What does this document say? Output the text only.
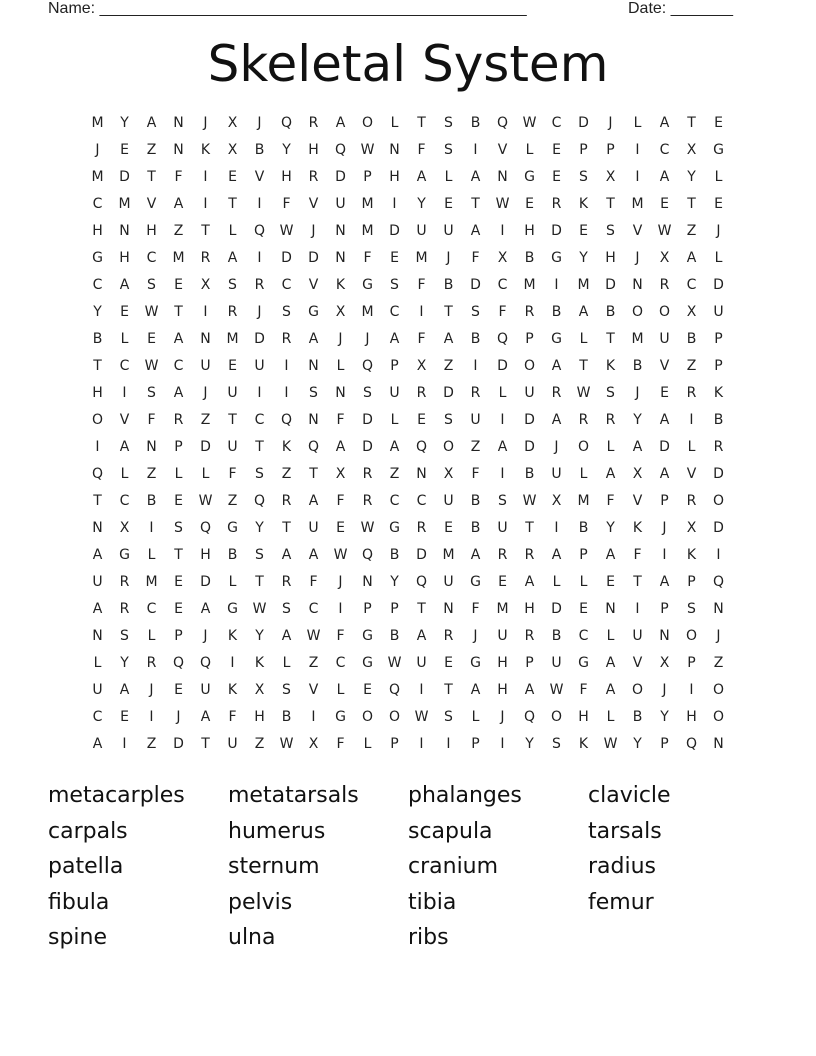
Name: ________________________________________________	Date: _______
Skeletal System
M	Y	A	N	J	X	J	Q	R	A	O	L	T	S	B	Q	W	C	D	J	L	A	T	E
J	E	Z	N	K	X	B	Y	H	Q	W	N	F	S	I	V	L	E	P	P	I	C	X	G
M	D	T	F	I	E	V	H	R	D	P	H	A	L	A	N	G	E	S	X	I	A	Y	L
C	M	V	A	I	T	I	F	V	U	M	I	Y	E	T	W	E	R	K	T	M	E	T	E
H	N	H	Z	T	L	Q	W	J	N	M	D	U	U	A	I	H	D	E	S	V	W	Z	J
G	H	C	M	R	A	I	D	D	N	F	E	M	J	F	X	B	G	Y	H	J	X	A	L
C	A	S	E	X	S	R	C	V	K	G	S	F	B	D	C	M	I	M	D	N	R	C	D
Y	E	W	T	I	R	J	S	G	X	M	C	I	T	S	F	R	B	A	B	O	O	X	U
B	L	E	A	N	M	D	R	A	J	J	A	F	A	B	Q	P	G	L	T	M	U	B	P
T	C	W	C	U	E	U	I	N	L	Q	P	X	Z	I	D	O	A	T	K	B	V	Z	P
H	I	S	A	J	U	I	I	S	N	S	U	R	D	R	L	U	R	W	S	J	E	R	K
O	V	F	R	Z	T	C	Q	N	F	D	L	E	S	U	I	D	A	R	R	Y	A	I	B
I	A	N	P	D	U	T	K	Q	A	D	A	Q	O	Z	A	D	J	O	L	A	D	L	R
Q	L	Z	L	L	F	S	Z	T	X	R	Z	N	X	F	I	B	U	L	A	X	A	V	D
T	C	B	E	W	Z	Q	R	A	F	R	C	C	U	B	S	W	X	M	F	V	P	R	O
N	X	I	S	Q	G	Y	T	U	E	W	G	R	E	B	U	T	I	B	Y	K	J	X	D
A	G	L	T	H	B	S	A	A	W	Q	B	D	M	A	R	R	A	P	A	F	I	K	I
U	R	M	E	D	L	T	R	F	J	N	Y	Q	U	G	E	A	L	L	E	T	A	P	Q
A	R	C	E	A	G	W	S	C	I	P	P	T	N	F	M	H	D	E	N	I	P	S	N
N	S	L	P	J	K	Y	A	W	F	G	B	A	R	J	U	R	B	C	L	U	N	O	J
L	Y	R	Q	Q	I	K	L	Z	C	G	W	U	E	G	H	P	U	G	A	V	X	P	Z
U	A	J	E	U	K	X	S	V	L	E	Q	I	T	A	H	A	W	F	A	O	J	I	O
C	E	I	J	A	F	H	B	I	G	O	O	W	S	L	J	Q	O	H	L	B	Y	H	O
A	I	Z	D	T	U	Z	W	X	F	L	P	I	I	P	I	Y	S	K	W	Y	P	Q	N
metacarples	metatarsals	phalanges	clavicle
carpals	humerus	scapula	tarsals
patella	sternum	cranium	radius
fibula	pelvis	tibia	femur
spine	ulna	ribs
